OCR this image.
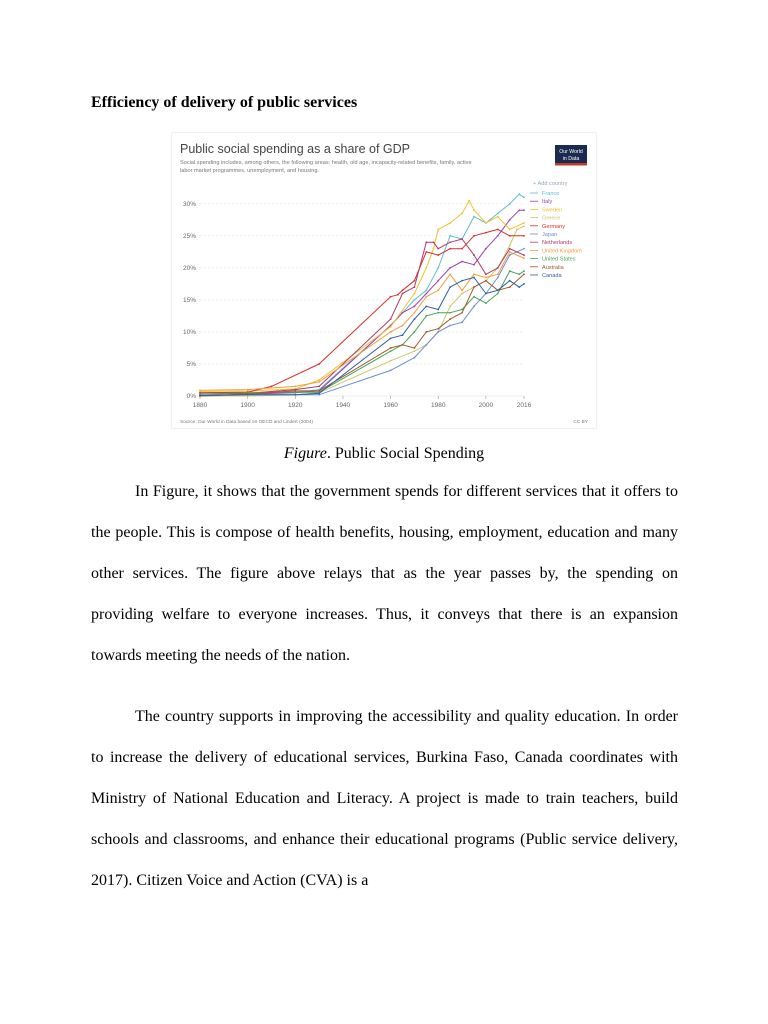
Efficiency of delivery of public services
Public social spending as a share of GDP
Social spending includes, among others, the following areas: health, old age, incapacity-related benefits, family, active
labor market programmes, unemployment, and housing.
Our World
in Data
+ Add country
0%
5%
10%
15%
20%
25%
30%
1880	1900	1920	1940	1960	1980	2000	2016
France
Italy
Sweden
Greece
Germany
Japan
Netherlands
United Kingdom
United States
Australia
Canada
Source: Our World in Data based on OECD and Lindert (2004)	CC BY
Figure. Public Social Spending

In Figure, it shows that the government spends for different services that it offers to the people. This is compose of health benefits, housing, employment, education and many other services. The figure above relays that as the year passes by, the spending on providing welfare to everyone increases. Thus, it conveys that there is an expansion towards meeting the needs of the nation.

The country supports in improving the accessibility and quality education. In order to increase the delivery of educational services, Burkina Faso, Canada coordinates with Ministry of National Education and Literacy. A project is made to train teachers, build schools and classrooms, and enhance their educational programs (Public service delivery, 2017). Citizen Voice and Action (CVA) is a
